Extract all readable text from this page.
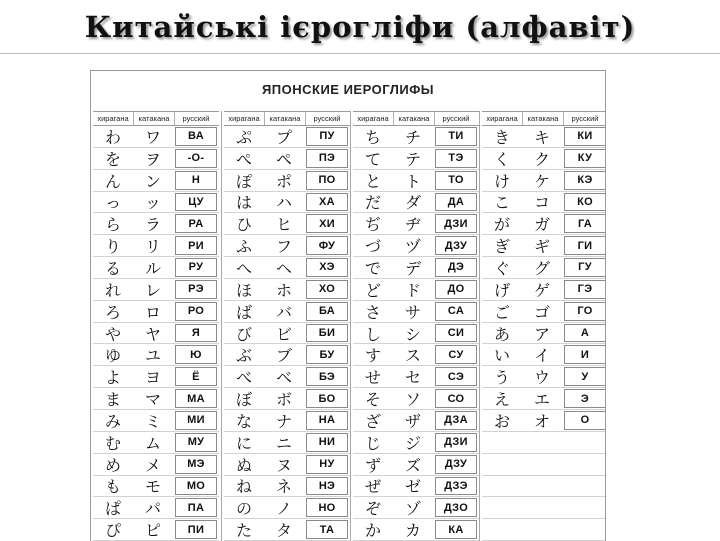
Китайські ієрогліфи (алфавіт)
ЯПОНСКИЕ ИЕРОГЛИФЫ
хирагана	катакана	русский
わ	ワ	ВА
を	ヲ	-О-
ん	ン	Н
っ	ッ	ЦУ
ら	ラ	РА
り	リ	РИ
る	ル	РУ
れ	レ	РЭ
ろ	ロ	РО
や	ヤ	Я
ゆ	ユ	Ю
よ	ヨ	Ё
ま	マ	МА
み	ミ	МИ
む	ム	МУ
め	メ	МЭ
も	モ	МО
ぱ	パ	ПА
ぴ	ピ	ПИ
хирагана	катакана	русский
ぷ	プ	ПУ
ぺ	ペ	ПЭ
ぽ	ポ	ПО
は	ハ	ХА
ひ	ヒ	ХИ
ふ	フ	ФУ
へ	ヘ	ХЭ
ほ	ホ	ХО
ば	バ	БА
び	ビ	БИ
ぶ	ブ	БУ
べ	ベ	БЭ
ぼ	ボ	БО
な	ナ	НА
に	ニ	НИ
ぬ	ヌ	НУ
ね	ネ	НЭ
の	ノ	НО
た	タ	ТА
хирагана	катакана	русский
ち	チ	ТИ
て	テ	ТЭ
と	ト	ТО
だ	ダ	ДА
ぢ	ヂ	ДЗИ
づ	ヅ	ДЗУ
で	デ	ДЭ
ど	ド	ДО
さ	サ	СА
し	シ	СИ
す	ス	СУ
せ	セ	СЭ
そ	ソ	СО
ざ	ザ	ДЗА
じ	ジ	ДЗИ
ず	ズ	ДЗУ
ぜ	ゼ	ДЗЭ
ぞ	ゾ	ДЗО
か	カ	КА
хирагана	катакана	русский
き	キ	КИ
く	ク	КУ
け	ケ	КЭ
こ	コ	КО
が	ガ	ГА
ぎ	ギ	ГИ
ぐ	グ	ГУ
げ	ゲ	ГЭ
ご	ゴ	ГО
あ	ア	А
い	イ	И
う	ウ	У
え	エ	Э
お	オ	О
